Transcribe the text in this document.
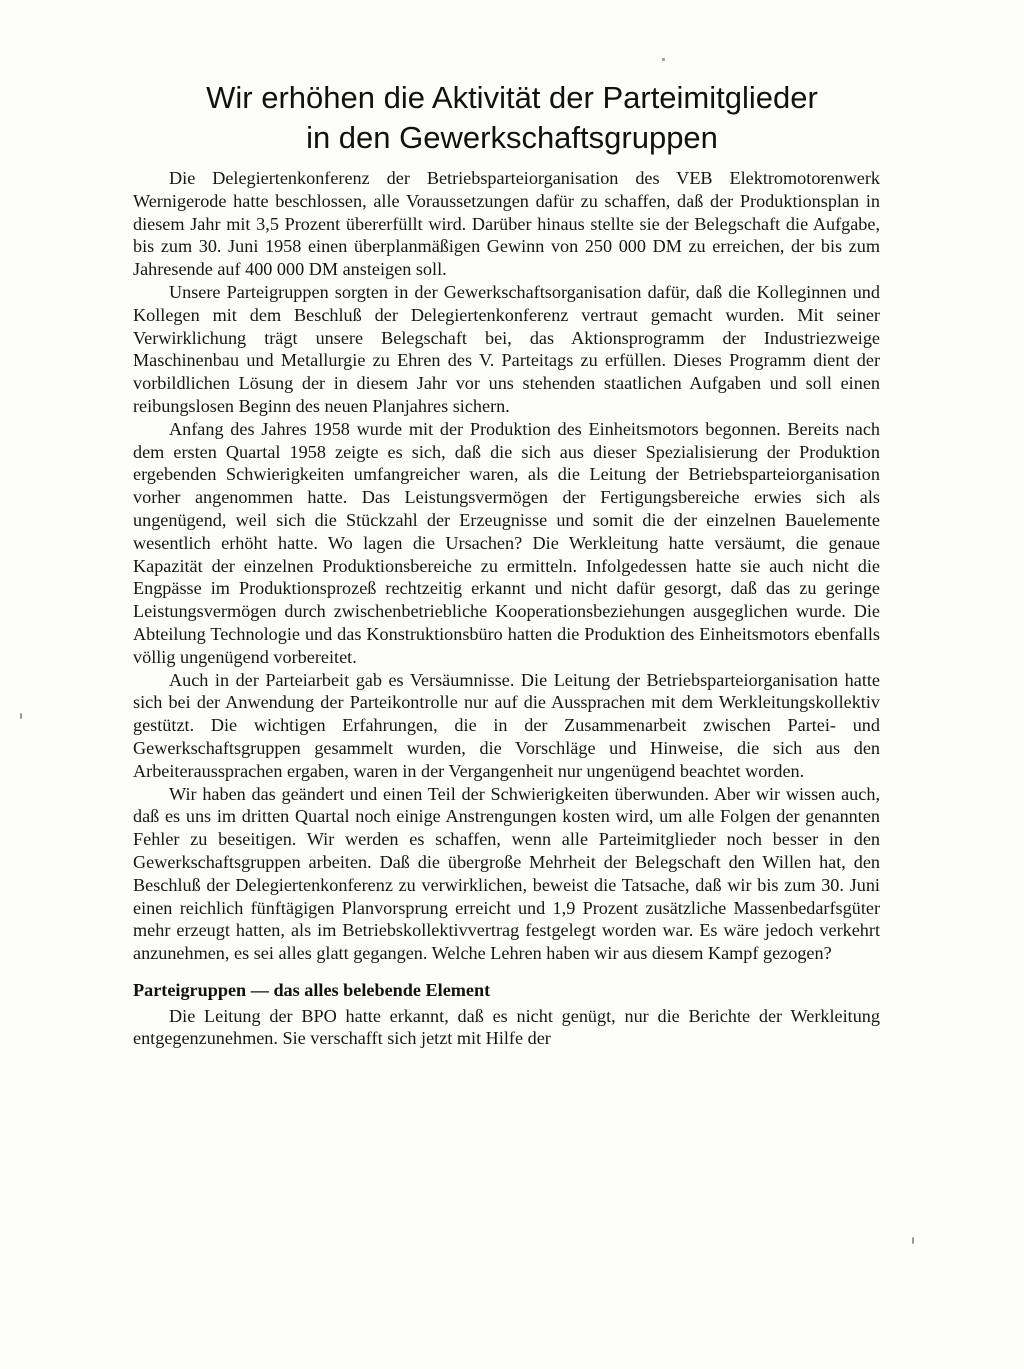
Wir erhöhen die Aktivität der Parteimitglieder
in den Gewerkschaftsgruppen

Die Delegiertenkonferenz der Betriebsparteiorganisation des VEB Elektromotorenwerk Wernigerode hatte beschlossen, alle Voraussetzungen dafür zu schaffen, daß der Produktionsplan in diesem Jahr mit 3,5 Prozent übererfüllt wird. Darüber hinaus stellte sie der Belegschaft die Aufgabe, bis zum 30. Juni 1958 einen überplanmäßigen Gewinn von 250 000 DM zu erreichen, der bis zum Jahresende auf 400 000 DM ansteigen soll.

Unsere Parteigruppen sorgten in der Gewerkschaftsorganisation dafür, daß die Kolleginnen und Kollegen mit dem Beschluß der Delegiertenkonferenz vertraut gemacht wurden. Mit seiner Verwirklichung trägt unsere Belegschaft bei, das Aktionsprogramm der Industriezweige Maschinenbau und Metallurgie zu Ehren des V. Parteitags zu erfüllen. Dieses Programm dient der vorbildlichen Lösung der in diesem Jahr vor uns stehenden staatlichen Aufgaben und soll einen reibungslosen Beginn des neuen Planjahres sichern.

Anfang des Jahres 1958 wurde mit der Produktion des Einheitsmotors begonnen. Bereits nach dem ersten Quartal 1958 zeigte es sich, daß die sich aus dieser Spezialisierung der Produktion ergebenden Schwierigkeiten umfangreicher waren, als die Leitung der Betriebsparteiorganisation vorher angenommen hatte. Das Leistungsvermögen der Fertigungsbereiche erwies sich als ungenügend, weil sich die Stückzahl der Erzeugnisse und somit die der einzelnen Bauelemente wesentlich erhöht hatte. Wo lagen die Ursachen? Die Werkleitung hatte versäumt, die genaue Kapazität der einzelnen Produktionsbereiche zu ermitteln. Infolgedessen hatte sie auch nicht die Engpässe im Produktionsprozeß rechtzeitig erkannt und nicht dafür gesorgt, daß das zu geringe Leistungsvermögen durch zwischenbetriebliche Kooperationsbeziehungen ausgeglichen wurde. Die Abteilung Technologie und das Konstruktionsbüro hatten die Produktion des Einheitsmotors ebenfalls völlig ungenügend vorbereitet.

Auch in der Parteiarbeit gab es Versäumnisse. Die Leitung der Betriebsparteiorganisation hatte sich bei der Anwendung der Parteikontrolle nur auf die Aussprachen mit dem Werkleitungskollektiv gestützt. Die wichtigen Erfahrungen, die in der Zusammenarbeit zwischen Partei- und Gewerkschaftsgruppen gesammelt wurden, die Vorschläge und Hinweise, die sich aus den Arbeiteraussprachen ergaben, waren in der Vergangenheit nur ungenügend beachtet worden.

Wir haben das geändert und einen Teil der Schwierigkeiten überwunden. Aber wir wissen auch, daß es uns im dritten Quartal noch einige Anstrengungen kosten wird, um alle Folgen der genannten Fehler zu beseitigen. Wir werden es schaffen, wenn alle Parteimitglieder noch besser in den Gewerkschaftsgruppen arbeiten. Daß die übergroße Mehrheit der Belegschaft den Willen hat, den Beschluß der Delegiertenkonferenz zu verwirklichen, beweist die Tatsache, daß wir bis zum 30. Juni einen reichlich fünftägigen Planvorsprung erreicht und 1,9 Prozent zusätzliche Massenbedarfsgüter mehr erzeugt hatten, als im Betriebskollektivvertrag festgelegt worden war. Es wäre jedoch verkehrt anzunehmen, es sei alles glatt gegangen. Welche Lehren haben wir aus diesem Kampf gezogen?

Parteigruppen — das alles belebende Element

Die Leitung der BPO hatte erkannt, daß es nicht genügt, nur die Berichte der Werkleitung entgegenzunehmen. Sie verschafft sich jetzt mit Hilfe der
